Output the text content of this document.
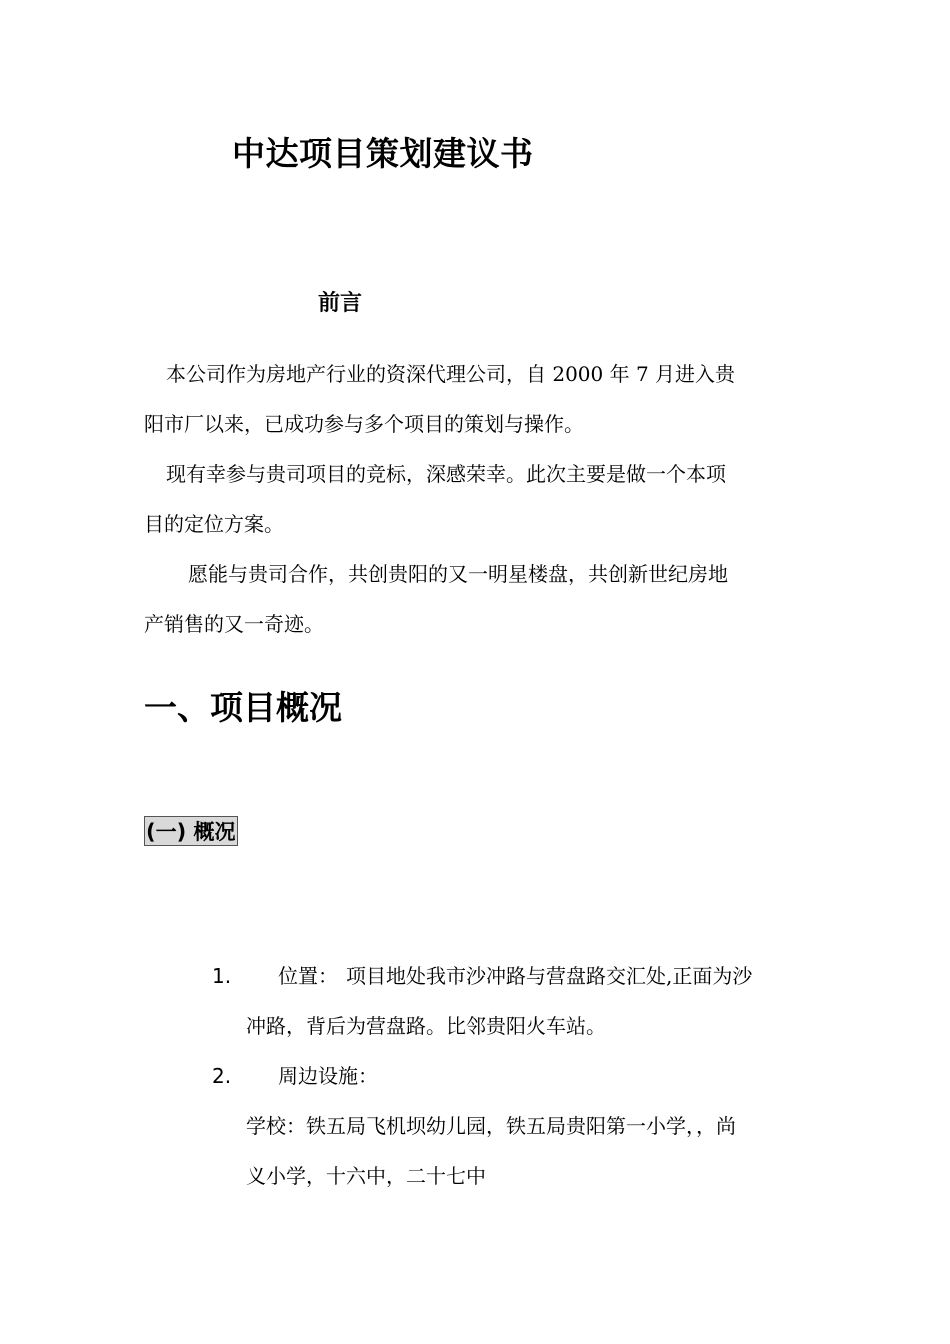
中达项目策划建议书
前言
本公司作为房地产行业的资深代理公司，自 2000 年 7 月进入贵
阳市厂以来，已成功参与多个项目的策划与操作。
现有幸参与贵司项目的竞标，深感荣幸。此次主要是做一个本项
目的定位方案。
愿能与贵司合作，共创贵阳的又一明星楼盘，共创新世纪房地
产销售的又一奇迹。
一、项目概况
(一) 概况
1. 位置： 项目地处我市沙冲路与营盘路交汇处,正面为沙
冲路，背后为营盘路。比邻贵阳火车站。
2. 周边设施：
学校：铁五局飞机坝幼儿园，铁五局贵阳第一小学，，尚
义小学，十六中，二十七中
